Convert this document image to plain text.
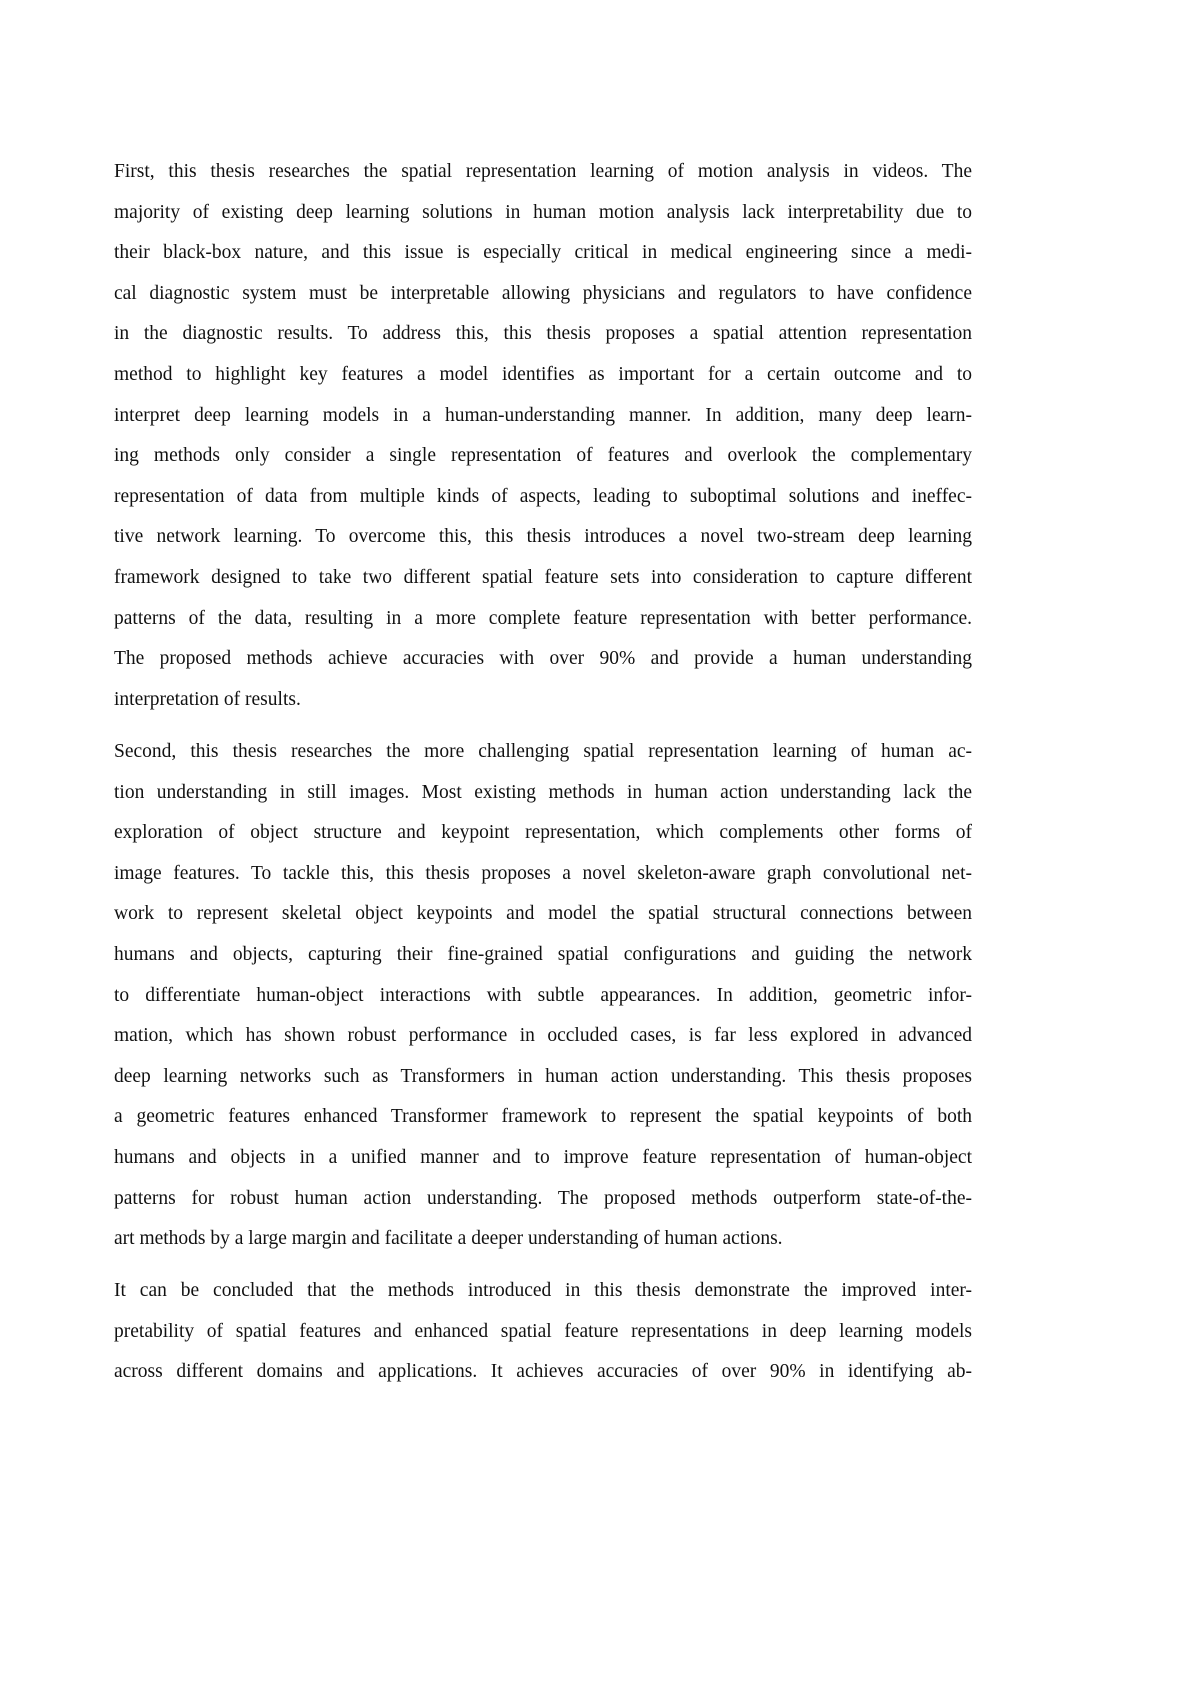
First, this thesis researches the spatial representation learning of motion analysis in videos. The
majority of existing deep learning solutions in human motion analysis lack interpretability due to
their black-box nature, and this issue is especially critical in medical engineering since a medi-
cal diagnostic system must be interpretable allowing physicians and regulators to have confidence
in the diagnostic results. To address this, this thesis proposes a spatial attention representation
method to highlight key features a model identifies as important for a certain outcome and to
interpret deep learning models in a human-understanding manner. In addition, many deep learn-
ing methods only consider a single representation of features and overlook the complementary
representation of data from multiple kinds of aspects, leading to suboptimal solutions and ineffec-
tive network learning. To overcome this, this thesis introduces a novel two-stream deep learning
framework designed to take two different spatial feature sets into consideration to capture different
patterns of the data, resulting in a more complete feature representation with better performance.
The proposed methods achieve accuracies with over 90% and provide a human understanding
interpretation of results.
Second, this thesis researches the more challenging spatial representation learning of human ac-
tion understanding in still images. Most existing methods in human action understanding lack the
exploration of object structure and keypoint representation, which complements other forms of
image features. To tackle this, this thesis proposes a novel skeleton-aware graph convolutional net-
work to represent skeletal object keypoints and model the spatial structural connections between
humans and objects, capturing their fine-grained spatial configurations and guiding the network
to differentiate human-object interactions with subtle appearances. In addition, geometric infor-
mation, which has shown robust performance in occluded cases, is far less explored in advanced
deep learning networks such as Transformers in human action understanding. This thesis proposes
a geometric features enhanced Transformer framework to represent the spatial keypoints of both
humans and objects in a unified manner and to improve feature representation of human-object
patterns for robust human action understanding. The proposed methods outperform state-of-the-
art methods by a large margin and facilitate a deeper understanding of human actions.
It can be concluded that the methods introduced in this thesis demonstrate the improved inter-
pretability of spatial features and enhanced spatial feature representations in deep learning models
across different domains and applications. It achieves accuracies of over 90% in identifying ab-
